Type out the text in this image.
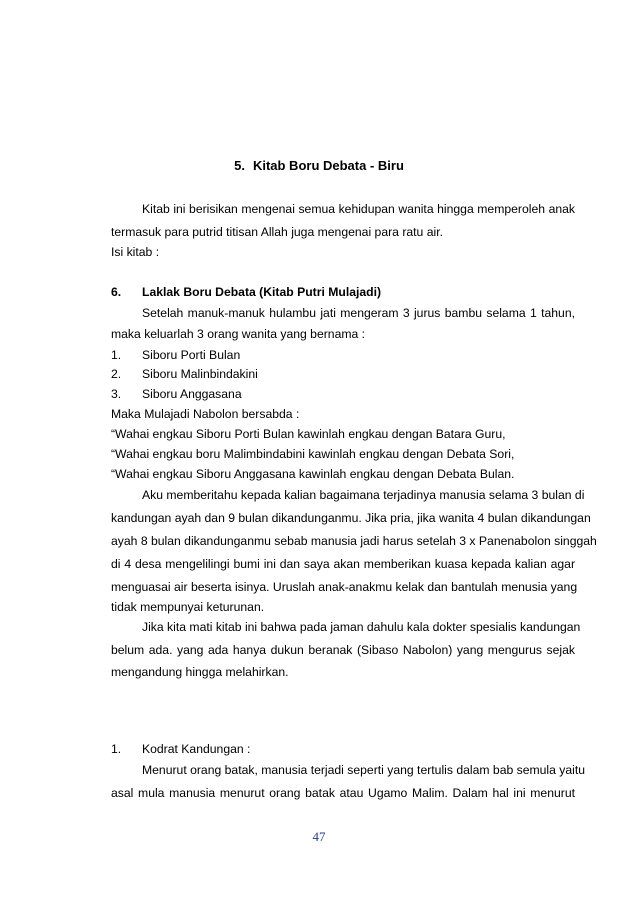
5. Kitab Boru Debata - Biru
Kitab ini berisikan mengenai semua kehidupan wanita hingga memperoleh anak
termasuk para putrid titisan Allah juga mengenai para ratu air.
Isi kitab :
6. Laklak Boru Debata (Kitab Putri Mulajadi)
Setelah manuk-manuk hulambu jati mengeram 3 jurus bambu selama 1 tahun,
maka keluarlah 3 orang wanita yang bernama :
1. Siboru Porti Bulan
2. Siboru Malinbindakini
3. Siboru Anggasana
Maka Mulajadi Nabolon bersabda :
“Wahai engkau Siboru Porti Bulan kawinlah engkau dengan Batara Guru,
“Wahai engkau boru Malimbindabini kawinlah engkau dengan Debata Sori,
“Wahai engkau Siboru Anggasana kawinlah engkau dengan Debata Bulan.
Aku memberitahu kepada kalian bagaimana terjadinya manusia selama 3 bulan di
kandungan ayah dan 9 bulan dikandunganmu. Jika pria, jika wanita 4 bulan dikandungan
ayah 8 bulan dikandunganmu sebab manusia jadi harus setelah 3 x Panenabolon singgah
di 4 desa mengelilingi bumi ini dan saya akan memberikan kuasa kepada kalian agar
menguasai air beserta isinya. Uruslah anak-anakmu kelak dan bantulah menusia yang
tidak mempunyai keturunan.
Jika kita mati kitab ini bahwa pada jaman dahulu kala dokter spesialis kandungan
belum ada. yang ada hanya dukun beranak (Sibaso Nabolon) yang mengurus sejak
mengandung hingga melahirkan.
1. Kodrat Kandungan :
Menurut orang batak, manusia terjadi seperti yang tertulis dalam bab semula yaitu
asal mula manusia menurut orang batak atau Ugamo Malim. Dalam hal ini menurut
47
